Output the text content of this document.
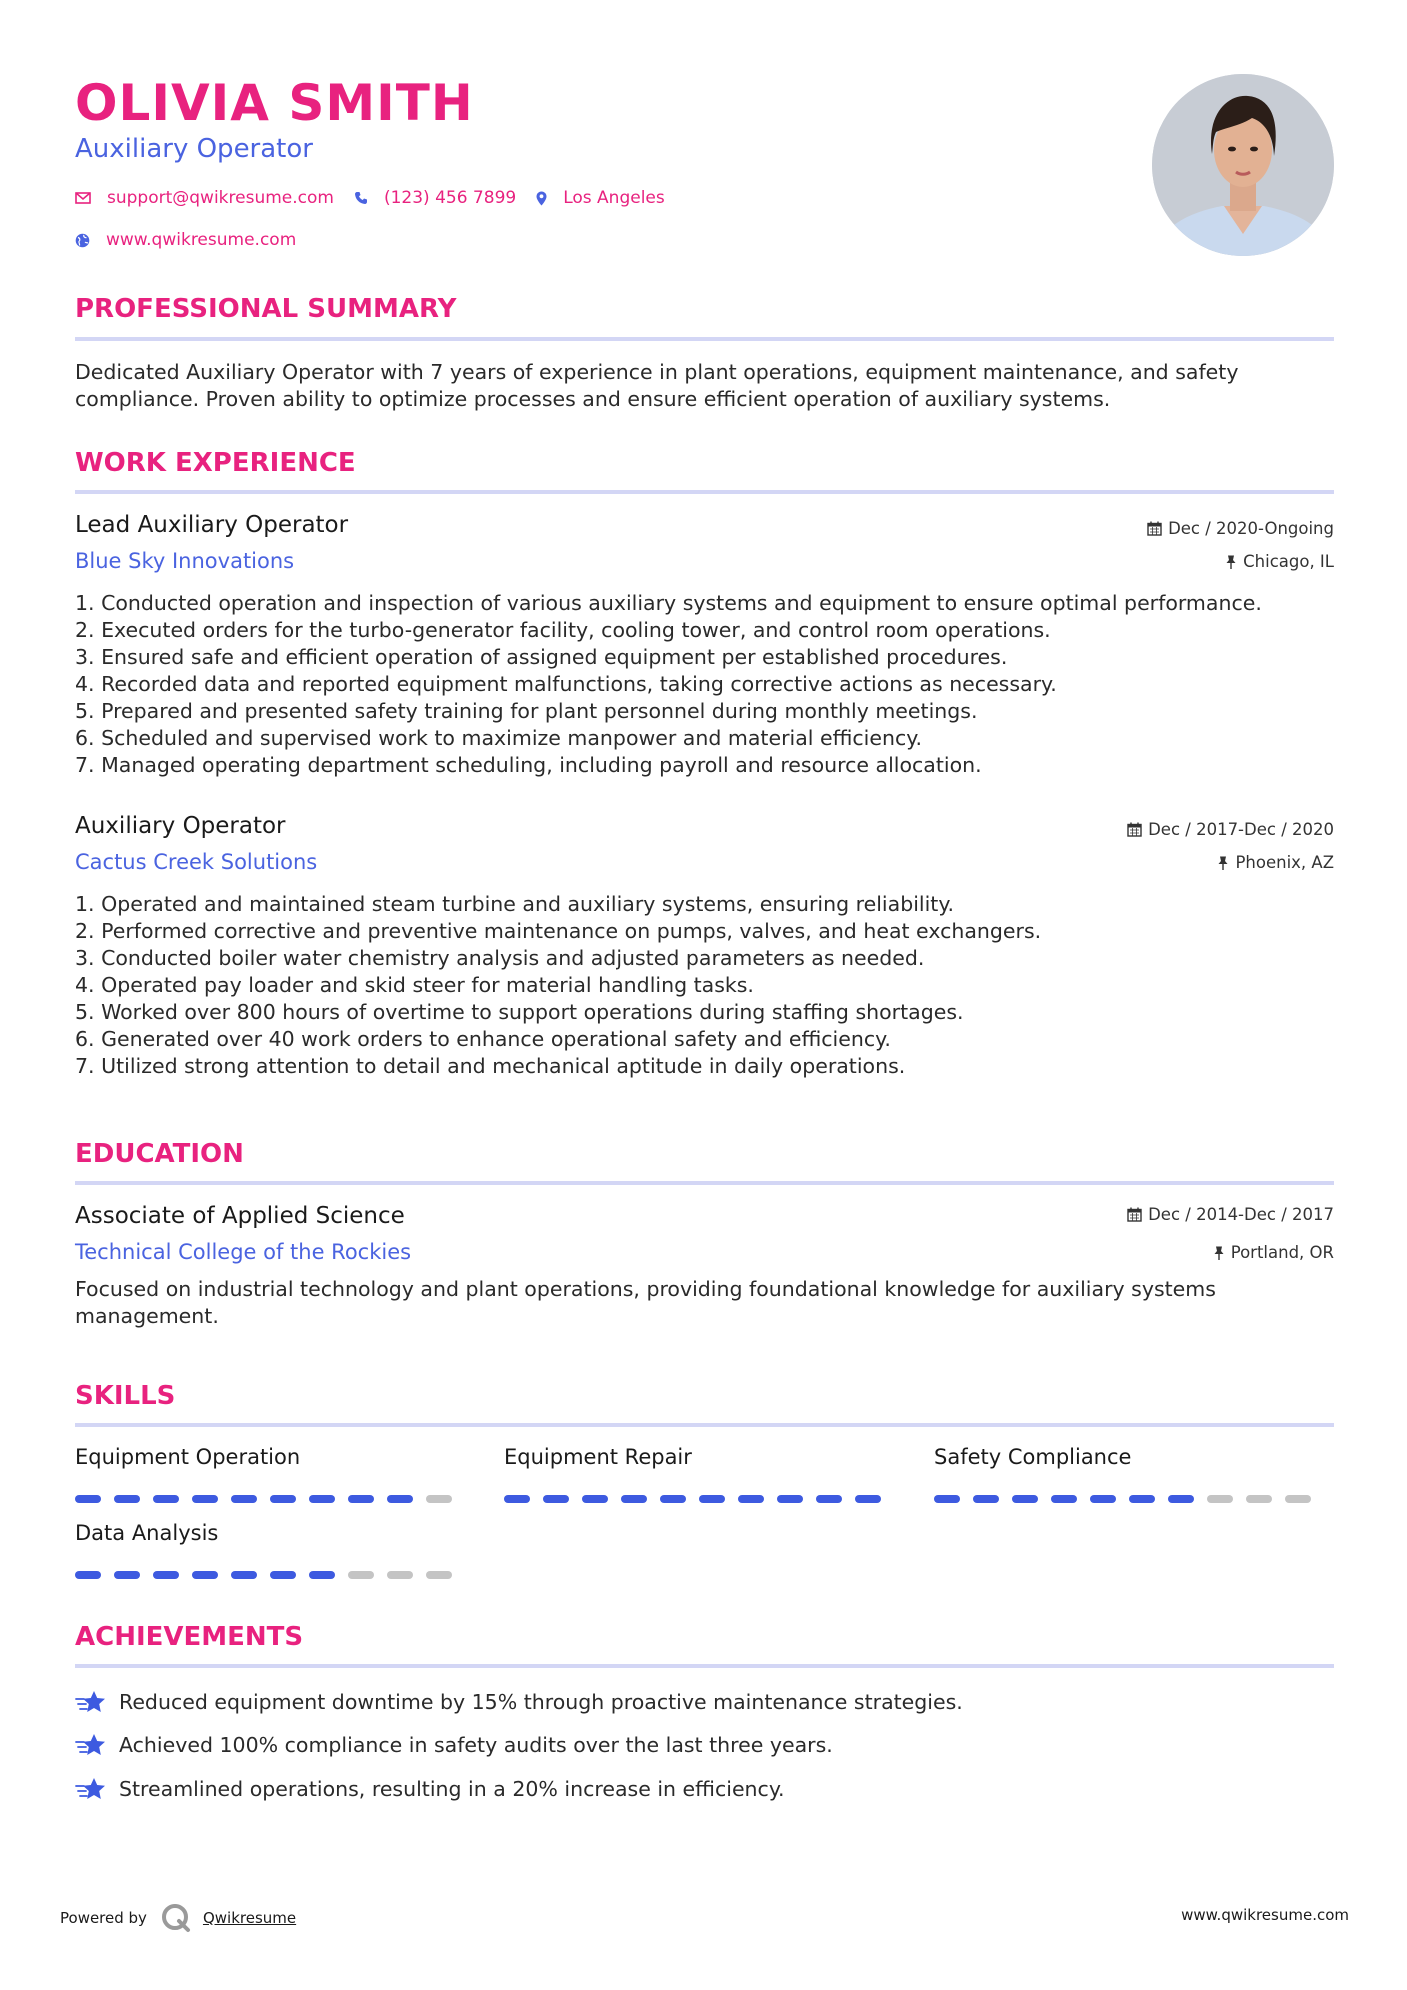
OLIVIA SMITH
Auxiliary Operator
support@qwikresume.com	(123) 456 7899	Los Angeles
www.qwikresume.com
PROFESSIONAL SUMMARY
Dedicated Auxiliary Operator with 7 years of experience in plant operations, equipment maintenance, and safety compliance. Proven ability to optimize processes and ensure efficient operation of auxiliary systems.
WORK EXPERIENCE
Lead Auxiliary Operator
Blue Sky Innovations
Dec / 2020-Ongoing
Chicago, IL
1. Conducted operation and inspection of various auxiliary systems and equipment to ensure optimal performance.
2. Executed orders for the turbo-generator facility, cooling tower, and control room operations.
3. Ensured safe and efficient operation of assigned equipment per established procedures.
4. Recorded data and reported equipment malfunctions, taking corrective actions as necessary.
5. Prepared and presented safety training for plant personnel during monthly meetings.
6. Scheduled and supervised work to maximize manpower and material efficiency.
7. Managed operating department scheduling, including payroll and resource allocation.
Auxiliary Operator
Cactus Creek Solutions
Dec / 2017-Dec / 2020
Phoenix, AZ
1. Operated and maintained steam turbine and auxiliary systems, ensuring reliability.
2. Performed corrective and preventive maintenance on pumps, valves, and heat exchangers.
3. Conducted boiler water chemistry analysis and adjusted parameters as needed.
4. Operated pay loader and skid steer for material handling tasks.
5. Worked over 800 hours of overtime to support operations during staffing shortages.
6. Generated over 40 work orders to enhance operational safety and efficiency.
7. Utilized strong attention to detail and mechanical aptitude in daily operations.
EDUCATION
Associate of Applied Science
Technical College of the Rockies
Dec / 2014-Dec / 2017
Portland, OR
Focused on industrial technology and plant operations, providing foundational knowledge for auxiliary systems management.
SKILLS
Equipment Operation	Equipment Repair	Safety Compliance
Data Analysis
ACHIEVEMENTS
Reduced equipment downtime by 15% through proactive maintenance strategies.
Achieved 100% compliance in safety audits over the last three years.
Streamlined operations, resulting in a 20% increase in efficiency.
Powered by	Qwikresume	www.qwikresume.com
